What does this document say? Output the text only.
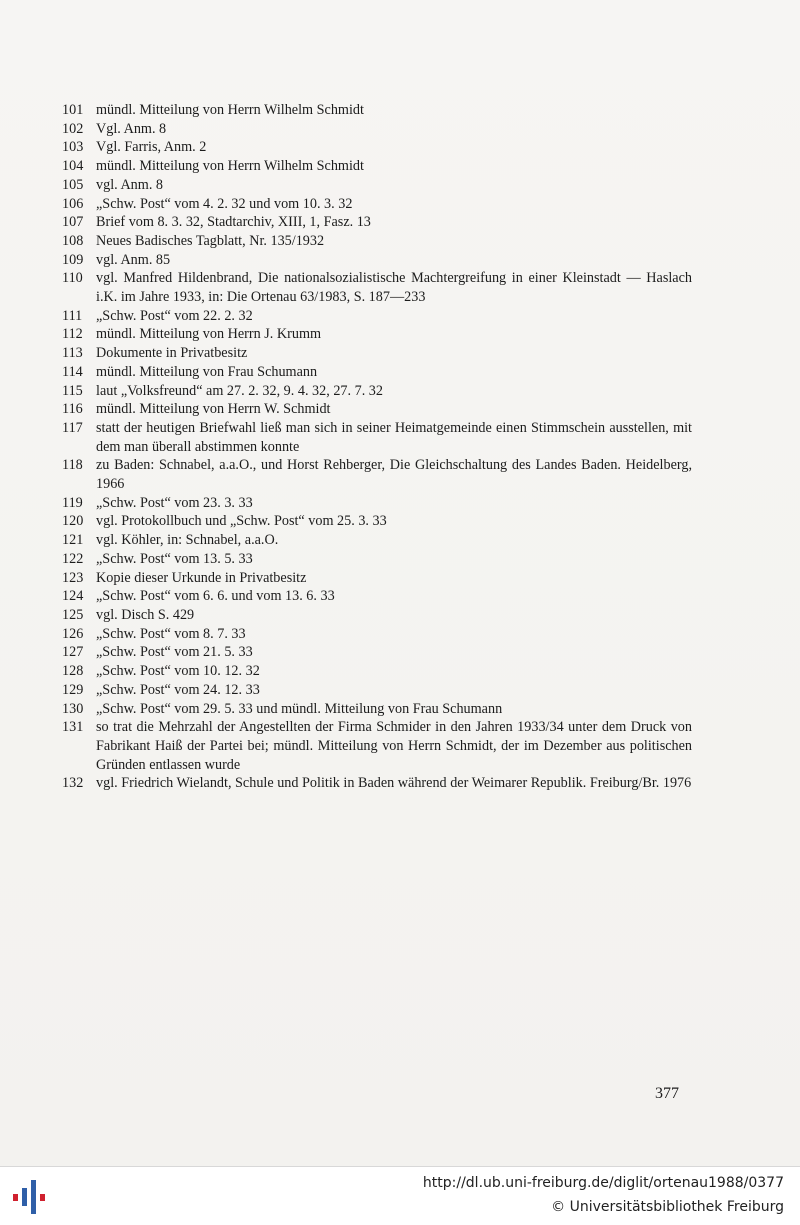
101 mündl. Mitteilung von Herrn Wilhelm Schmidt
102 Vgl. Anm. 8
103 Vgl. Farris, Anm. 2
104 mündl. Mitteilung von Herrn Wilhelm Schmidt
105 vgl. Anm. 8
106 „Schw. Post“ vom 4. 2. 32 und vom 10. 3. 32
107 Brief vom 8. 3. 32, Stadtarchiv, XIII, 1, Fasz. 13
108 Neues Badisches Tagblatt, Nr. 135/1932
109 vgl. Anm. 85
110 vgl. Manfred Hildenbrand, Die nationalsozialistische Machtergreifung in einer Kleinstadt — Haslach i.K. im Jahre 1933, in: Die Ortenau 63/1983, S. 187—233
111 „Schw. Post“ vom 22. 2. 32
112 mündl. Mitteilung von Herrn J. Krumm
113 Dokumente in Privatbesitz
114 mündl. Mitteilung von Frau Schumann
115 laut „Volksfreund“ am 27. 2. 32, 9. 4. 32, 27. 7. 32
116 mündl. Mitteilung von Herrn W. Schmidt
117 statt der heutigen Briefwahl ließ man sich in seiner Heimatgemeinde einen Stimmschein ausstellen, mit dem man überall abstimmen konnte
118 zu Baden: Schnabel, a.a.O., und Horst Rehberger, Die Gleichschaltung des Landes Baden. Heidelberg, 1966
119 „Schw. Post“ vom 23. 3. 33
120 vgl. Protokollbuch und „Schw. Post“ vom 25. 3. 33
121 vgl. Köhler, in: Schnabel, a.a.O.
122 „Schw. Post“ vom 13. 5. 33
123 Kopie dieser Urkunde in Privatbesitz
124 „Schw. Post“ vom 6. 6. und vom 13. 6. 33
125 vgl. Disch S. 429
126 „Schw. Post“ vom 8. 7. 33
127 „Schw. Post“ vom 21. 5. 33
128 „Schw. Post“ vom 10. 12. 32
129 „Schw. Post“ vom 24. 12. 33
130 „Schw. Post“ vom 29. 5. 33 und mündl. Mitteilung von Frau Schumann
131 so trat die Mehrzahl der Angestellten der Firma Schmider in den Jahren 1933/34 unter dem Druck von Fabrikant Haiß der Partei bei; mündl. Mitteilung von Herrn Schmidt, der im Dezember aus politischen Gründen entlassen wurde
132 vgl. Friedrich Wielandt, Schule und Politik in Baden während der Weimarer Republik. Freiburg/Br. 1976
377
http://dl.ub.uni-freiburg.de/diglit/ortenau1988/0377
© Universitätsbibliothek Freiburg
